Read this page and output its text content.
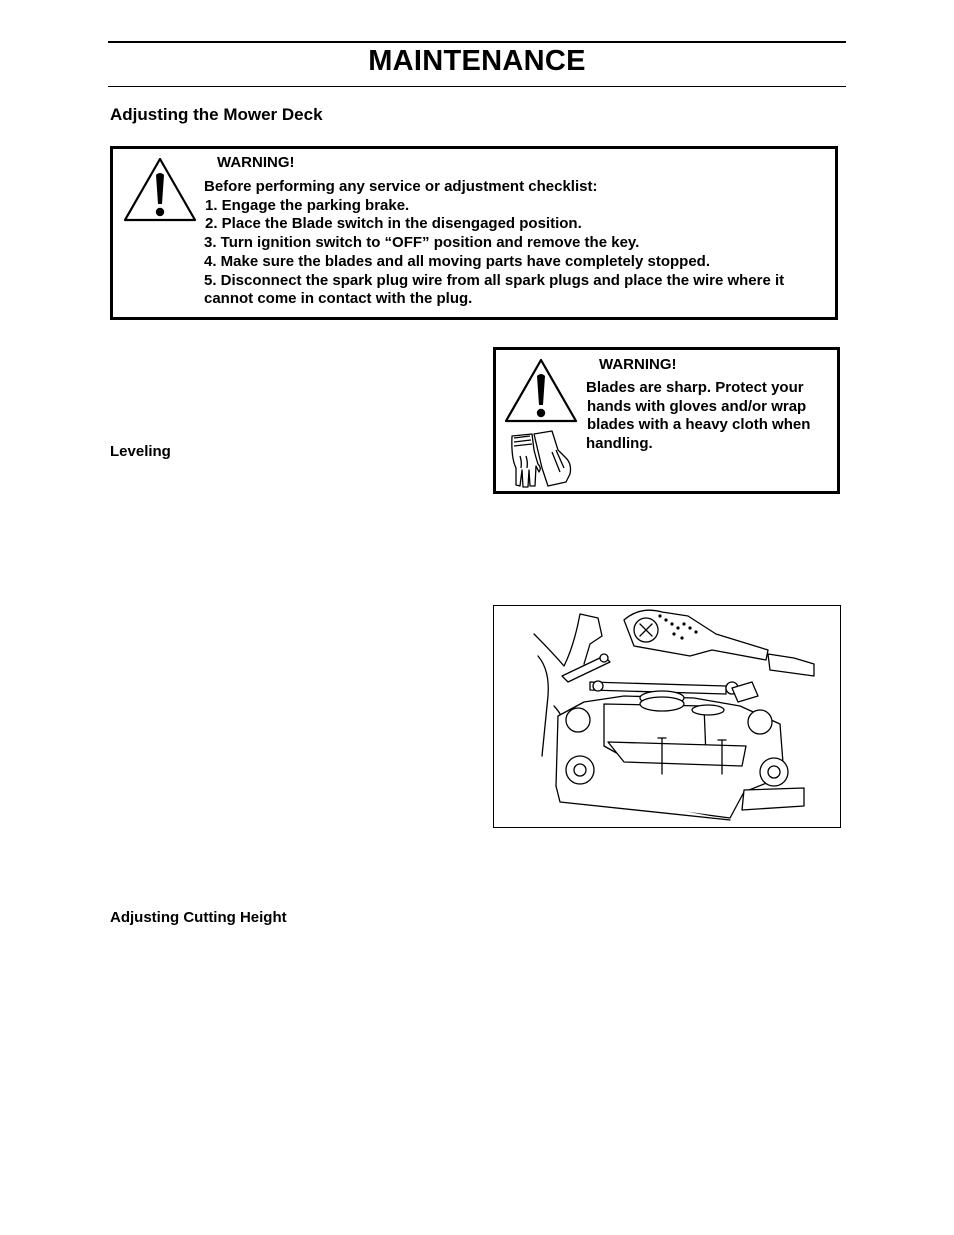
MAINTENANCE
Adjusting the Mower Deck
WARNING!
Before performing any service or adjustment checklist:
1. Engage the parking brake.
2. Place the Blade switch in the disengaged position.
3. Turn ignition switch to “OFF” position and remove the key.
4. Make sure the blades and all moving parts have completely stopped.
5. Disconnect the spark plug wire from all spark plugs and place the wire where it
cannot come in contact with the plug.
WARNING!
Blades are sharp. Protect your
hands with gloves and/or wrap
blades with a heavy cloth when
handling.
Leveling
Adjusting Cutting Height
